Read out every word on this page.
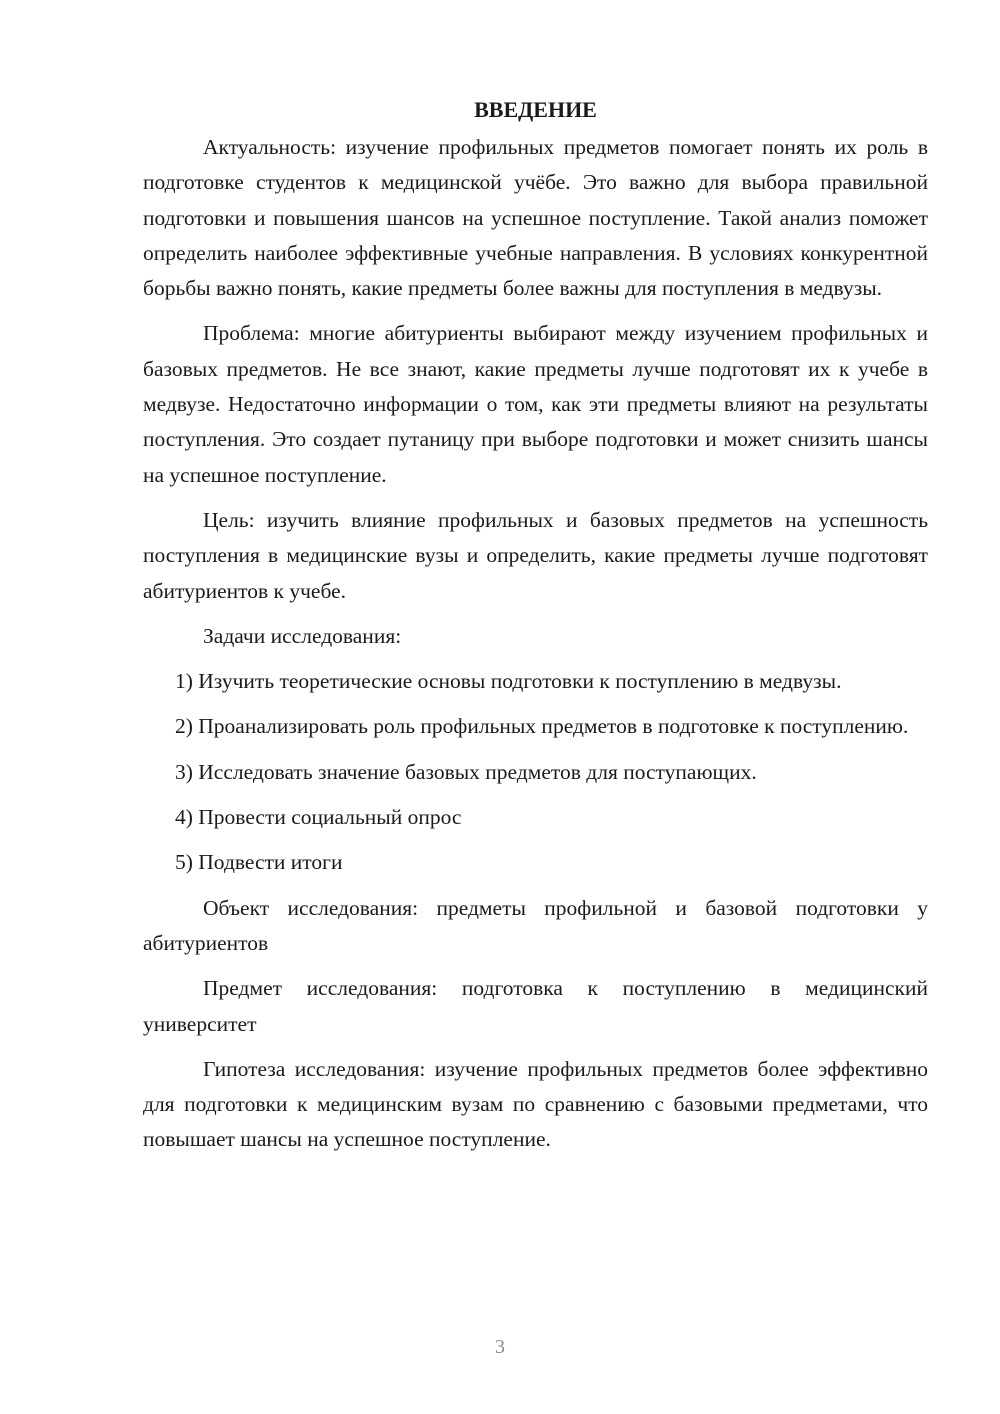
ВВЕДЕНИЕ

Актуальность: изучение профильных предметов помогает понять их роль в подготовке студентов к медицинской учёбе. Это важно для выбора правильной подготовки и повышения шансов на успешное поступление. Такой анализ поможет определить наиболее эффективные учебные направления. В условиях конкурентной борьбы важно понять, какие предметы более важны для поступления в медвузы.

Проблема: многие абитуриенты выбирают между изучением профильных и базовых предметов. Не все знают, какие предметы лучше подготовят их к учебе в медвузе. Недостаточно информации о том, как эти предметы влияют на результаты поступления. Это создает путаницу при выборе подготовки и может снизить шансы на успешное поступление.

Цель: изучить влияние профильных и базовых предметов на успешность поступления в медицинские вузы и определить, какие предметы лучше подготовят абитуриентов к учебе.

Задачи исследования:

1) Изучить теоретические основы подготовки к поступлению в медвузы.

2) Проанализировать роль профильных предметов в подготовке к поступлению.

3) Исследовать значение базовых предметов для поступающих.

4) Провести социальный опрос

5) Подвести итоги

Объект исследования: предметы профильной и базовой подготовки у абитуриентов

Предмет исследования: подготовка к поступлению в медицинский университет

Гипотеза исследования: изучение профильных предметов более эффективно для подготовки к медицинским вузам по сравнению с базовыми предметами, что повышает шансы на успешное поступление.

3
